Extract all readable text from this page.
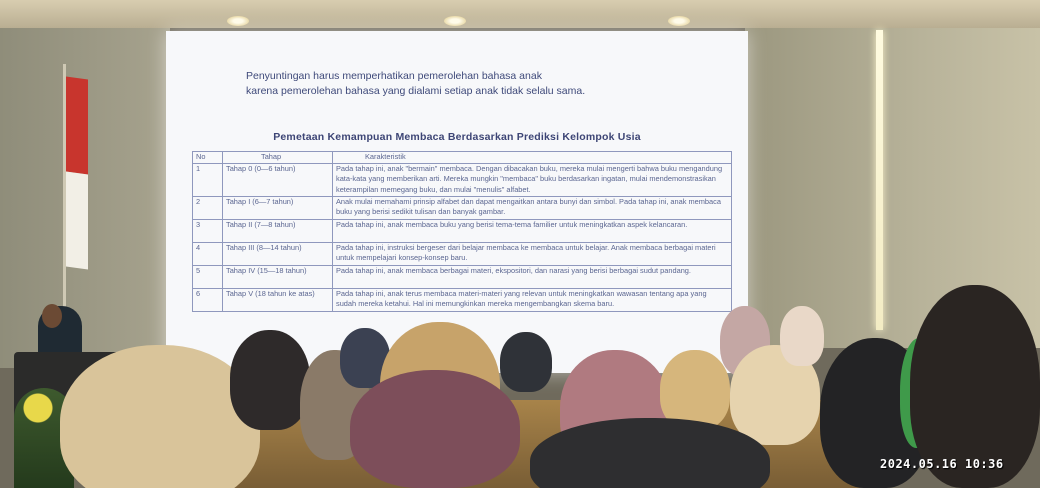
Penyuntingan harus memperhatikan pemerolehan bahasa anak
karena pemerolehan bahasa yang dialami setiap anak tidak selalu sama.

Pemetaan Kemampuan Membaca Berdasarkan Prediksi Kelompok Usia
No	Tahap	Karakteristik
1	Tahap 0 (0—6 tahun)	Pada tahap ini, anak "bermain" membaca. Dengan dibacakan buku, mereka mulai mengerti bahwa buku mengandung kata-kata yang memberikan arti. Mereka mungkin "membaca" buku berdasarkan ingatan, mulai mendemonstrasikan keterampilan memegang buku, dan mulai "menulis" alfabet.
2	Tahap I (6—7 tahun)	Anak mulai memahami prinsip alfabet dan dapat mengaitkan antara bunyi dan simbol. Pada tahap ini, anak membaca buku yang berisi sedikit tulisan dan banyak gambar.
3	Tahap II (7—8 tahun)	Pada tahap ini, anak membaca buku yang berisi tema-tema familier untuk meningkatkan aspek kelancaran.
4	Tahap III (8—14 tahun)	Pada tahap ini, instruksi bergeser dari belajar membaca ke membaca untuk belajar. Anak membaca berbagai materi untuk mempelajari konsep-konsep baru.
5	Tahap IV (15—18 tahun)	Pada tahap ini, anak membaca berbagai materi, ekspositori, dan narasi yang berisi berbagai sudut pandang.
6	Tahap V (18 tahun ke atas)	Pada tahap ini, anak terus membaca materi-materi yang relevan untuk meningkatkan wawasan tentang apa yang sudah mereka ketahui. Hal ini memungkinkan mereka mengembangkan skema baru.
2024.05.16 10:36
